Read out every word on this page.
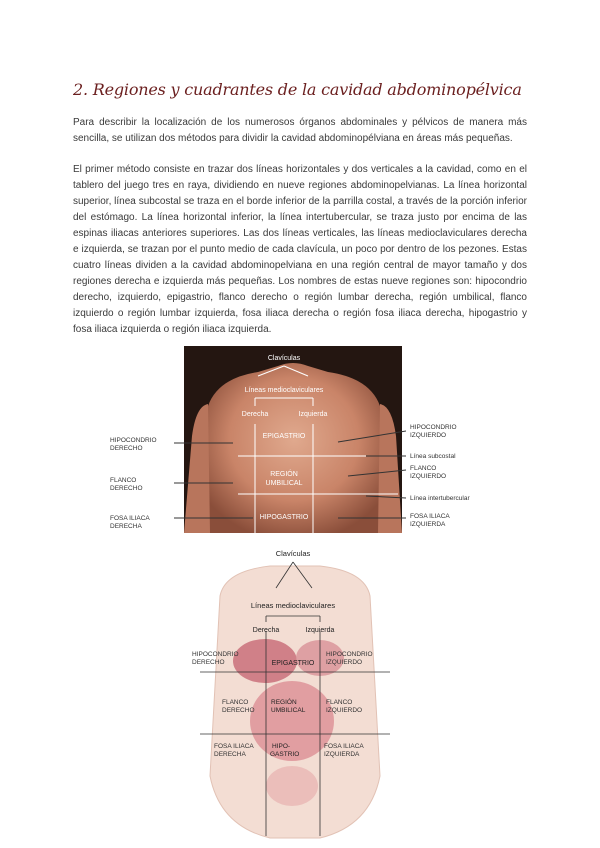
2. Regiones y cuadrantes de la cavidad abdominopélvica

Para describir la localización de los numerosos órganos abdominales y pélvicos de manera más sencilla, se utilizan dos métodos para dividir la cavidad abdominopélviana en áreas más pequeñas.

El primer método consiste en trazar dos líneas horizontales y dos verticales a la cavidad, como en el tablero del juego tres en raya, dividiendo en nueve regiones abdominopelvianas. La línea horizontal superior, línea subcostal se traza en el borde inferior de la parrilla costal, a través de la porción inferior del estómago. La línea horizontal inferior, la línea intertubercular, se traza justo por encima de las espinas iliacas anteriores superiores. Las dos líneas verticales, las líneas medioclaviculares derecha e izquierda, se trazan por el punto medio de cada clavícula, un poco por dentro de los pezones. Estas cuatro líneas dividen a la cavidad abdominopelviana en una región central de mayor tamaño y dos regiones derecha e izquierda más pequeñas. Los nombres de estas nueve regiones son: hipocondrio derecho, izquierdo, epigastrio, flanco derecho o región lumbar derecha, región umbilical, flanco izquierdo o región lumbar izquierda, fosa iliaca derecha o región fosa iliaca derecha, hipogastrio y fosa iliaca izquierda o región iliaca izquierda.

Clavículas
Líneas medioclaviculares
Derecha	Izquierda
EPIGASTRIO
REGIÓN
UMBILICAL
HIPOGASTRIO
HIPOCONDRIO
DERECHO
FLANCO
DERECHO
FOSA ILIACA
DERECHA
HIPOCONDRIO
IZQUIERDO
Línea subcostal
FLANCO
IZQUIERDO
Línea intertubercular
FOSA ILIACA
IZQUIERDA
Clavículas
Líneas medioclaviculares
Derecha	Izquierda
HIPOCONDRIO
DERECHO	EPIGASTRIO
HIPOCONDRIO
IZQUIERDO
FLANCO
DERECHO
REGIÓN
UMBILICAL
FLANCO
IZQUIERDO
FOSA ILIACA
DERECHA
HIPO-
GASTRIO
FOSA ILIACA
IZQUIERDA
